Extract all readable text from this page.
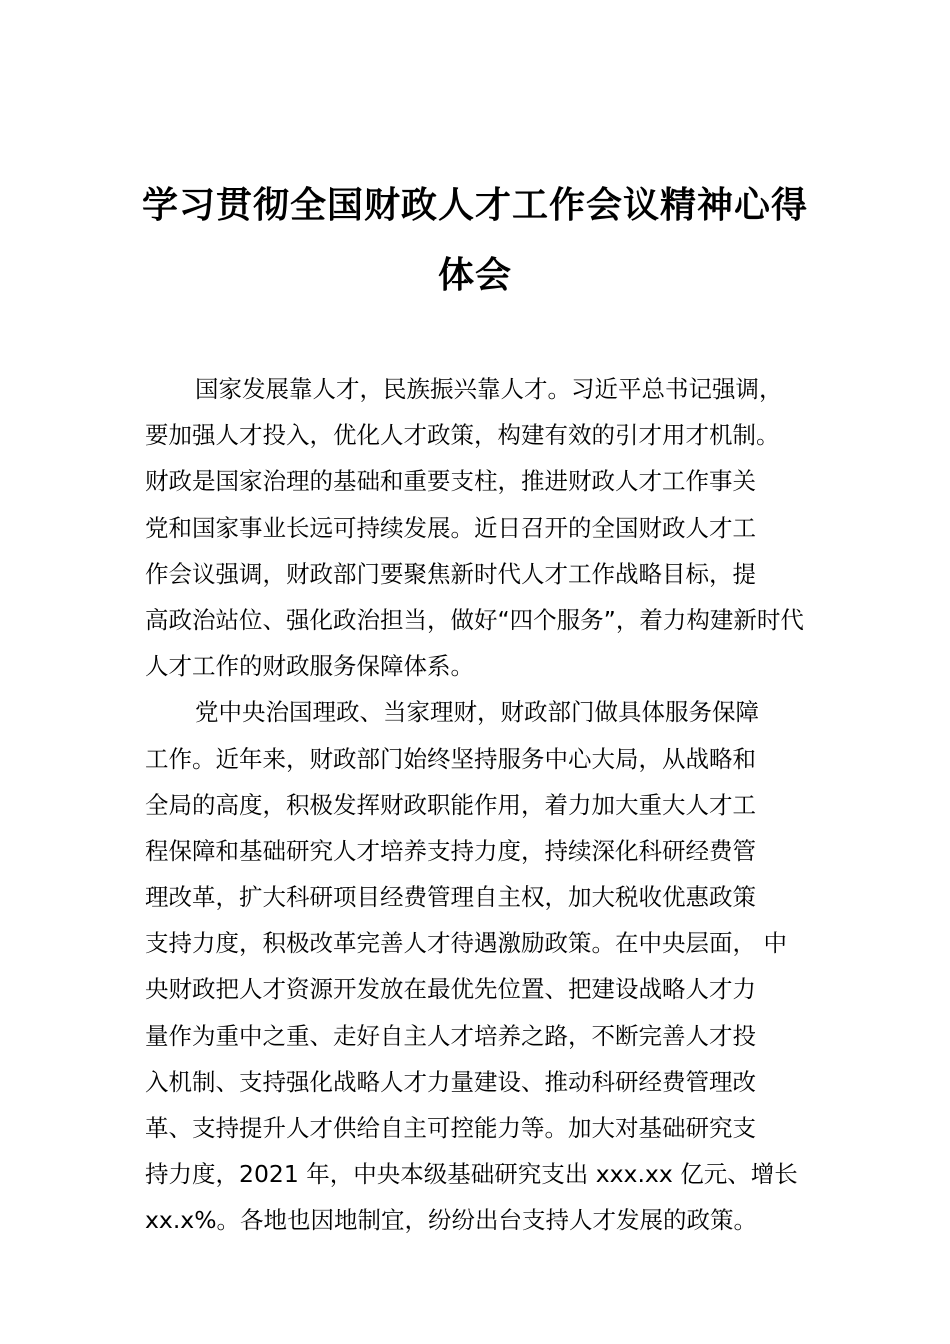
学习贯彻全国财政人才工作会议精神心得
体会
国家发展靠人才，民族振兴靠人才。习近平总书记强调，
要加强人才投入，优化人才政策，构建有效的引才用才机制。
财政是国家治理的基础和重要支柱，推进财政人才工作事关
党和国家事业长远可持续发展。近日召开的全国财政人才工
作会议强调，财政部门要聚焦新时代人才工作战略目标，提
高政治站位、强化政治担当，做好“四个服务”，着力构建新时代
人才工作的财政服务保障体系。
党中央治国理政、当家理财，财政部门做具体服务保障
工作。近年来，财政部门始终坚持服务中心大局，从战略和
全局的高度，积极发挥财政职能作用，着力加大重大人才工
程保障和基础研究人才培养支持力度，持续深化科研经费管
理改革，扩大科研项目经费管理自主权，加大税收优惠政策
支持力度，积极改革完善人才待遇激励政策。在中央层面， 中
央财政把人才资源开发放在最优先位置、把建设战略人才力
量作为重中之重、走好自主人才培养之路，不断完善人才投
入机制、支持强化战略人才力量建设、推动科研经费管理改
革、支持提升人才供给自主可控能力等。加大对基础研究支
持力度，2021 年，中央本级基础研究支出 xxx.xx 亿元、增长
xx.x%。各地也因地制宜，纷纷出台支持人才发展的政策。
